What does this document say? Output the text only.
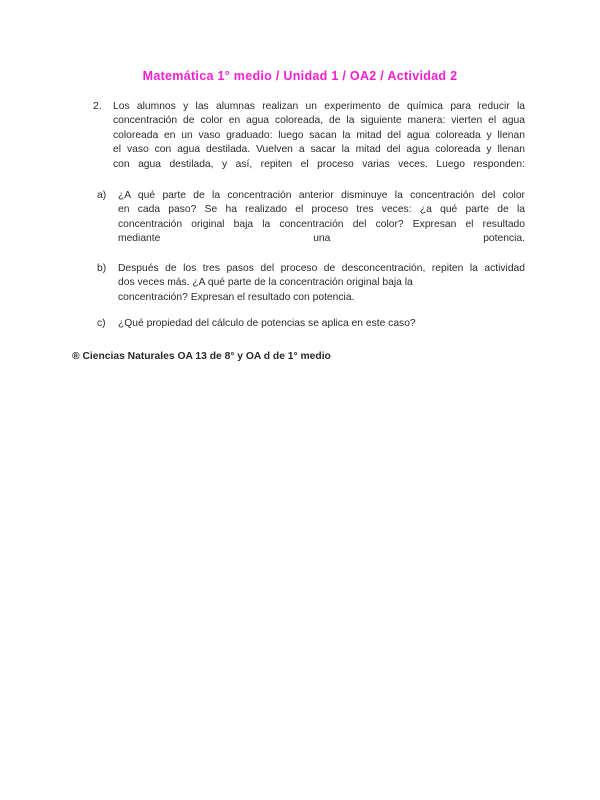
Matemática 1° medio / Unidad 1 / OA2 / Actividad 2
2.	Los alumnos y las alumnas realizan un experimento de química para reducir la
concentración de color en agua coloreada, de la siguiente manera: vierten el agua
coloreada en un vaso graduado: luego sacan la mitad del agua coloreada y llenan
el vaso con agua destilada. Vuelven a sacar la mitad del agua coloreada y llenan
con agua destilada, y así, repiten el proceso varias veces. Luego responden:
a)	¿A qué parte de la concentración anterior disminuye la concentración del color
en cada paso? Se ha realizado el proceso tres veces: ¿a qué parte de la
concentración original baja la concentración del color? Expresan el resultado
mediante una potencia.
b)	Después de los tres pasos del proceso de desconcentración, repiten la actividad
dos veces más. ¿A qué parte de la concentración original baja la
concentración? Expresan el resultado con potencia.
c)	¿Qué propiedad del cálculo de potencias se aplica en este caso?
® Ciencias Naturales OA 13 de 8° y OA d de 1° medio
